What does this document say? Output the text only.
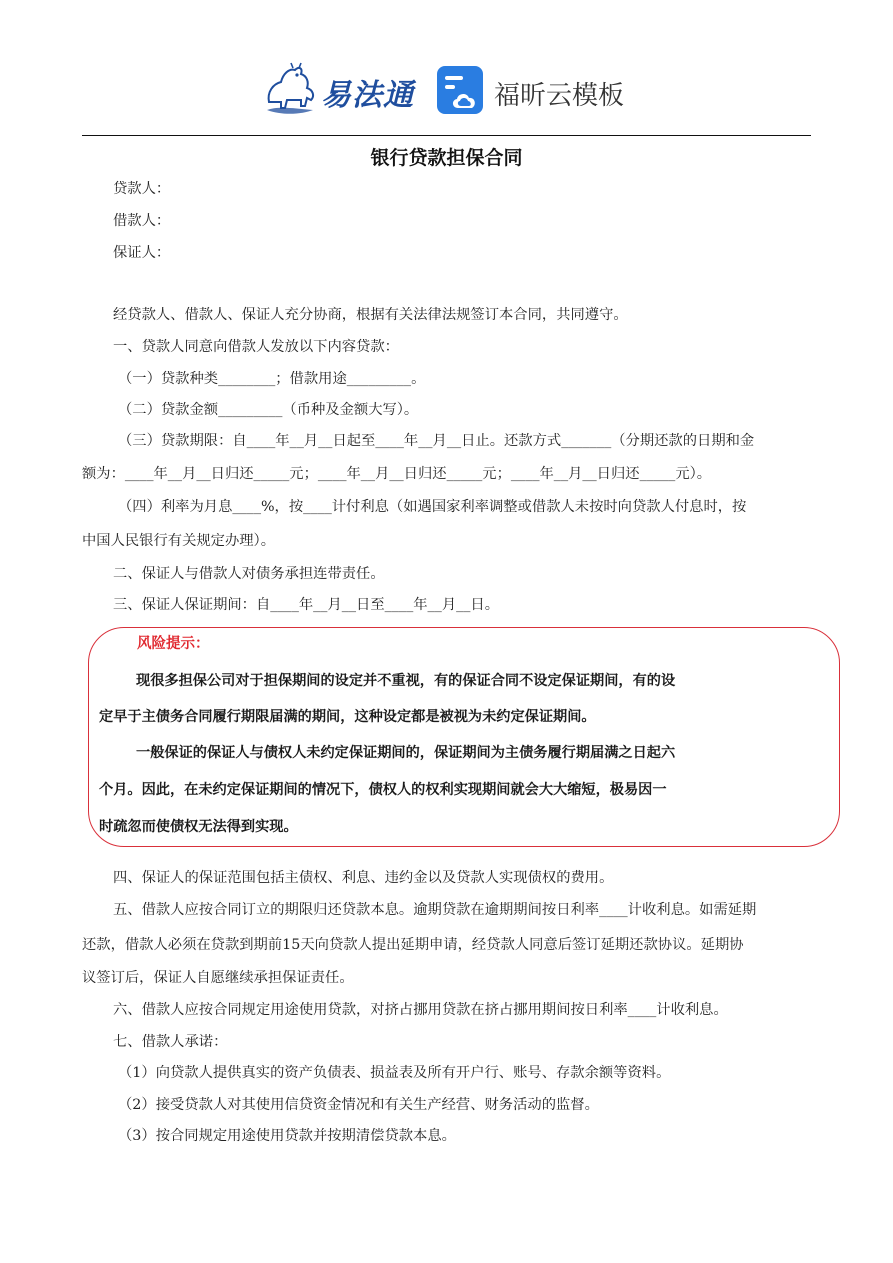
易法通	福昕云模板
银行贷款担保合同
贷款人：
借款人：
保证人：
经贷款人、借款人、保证人充分协商，根据有关法律法规签订本合同，共同遵守。
一、贷款人同意向借款人发放以下内容贷款：
（一）贷款种类________；借款用途_________。
（二）贷款金额_________（币种及金额大写）。
（三）贷款期限：自____年__月__日起至____年__月__日止。还款方式_______（分期还款的日期和金
额为：____年__月__日归还_____元；____年__月__日归还_____元；____年__月__日归还_____元）。
（四）利率为月息____%，按____计付利息（如遇国家利率调整或借款人未按时向贷款人付息时，按
中国人民银行有关规定办理）。
二、保证人与借款人对债务承担连带责任。
三、保证人保证期间：自____年__月__日至____年__月__日。
风险提示：
现很多担保公司对于担保期间的设定并不重视，有的保证合同不设定保证期间，有的设
定早于主债务合同履行期限届满的期间，这种设定都是被视为未约定保证期间。
一般保证的保证人与债权人未约定保证期间的，保证期间为主债务履行期届满之日起六
个月。因此，在未约定保证期间的情况下，债权人的权利实现期间就会大大缩短，极易因一
时疏忽而使债权无法得到实现。
四、保证人的保证范围包括主债权、利息、违约金以及贷款人实现债权的费用。
五、借款人应按合同订立的期限归还贷款本息。逾期贷款在逾期期间按日利率____计收利息。如需延期
还款，借款人必须在贷款到期前15天向贷款人提出延期申请，经贷款人同意后签订延期还款协议。延期协
议签订后，保证人自愿继续承担保证责任。
六、借款人应按合同规定用途使用贷款，对挤占挪用贷款在挤占挪用期间按日利率____计收利息。
七、借款人承诺：
（1）向贷款人提供真实的资产负债表、损益表及所有开户行、账号、存款余额等资料。
（2）接受贷款人对其使用信贷资金情况和有关生产经营、财务活动的监督。
（3）按合同规定用途使用贷款并按期清偿贷款本息。
